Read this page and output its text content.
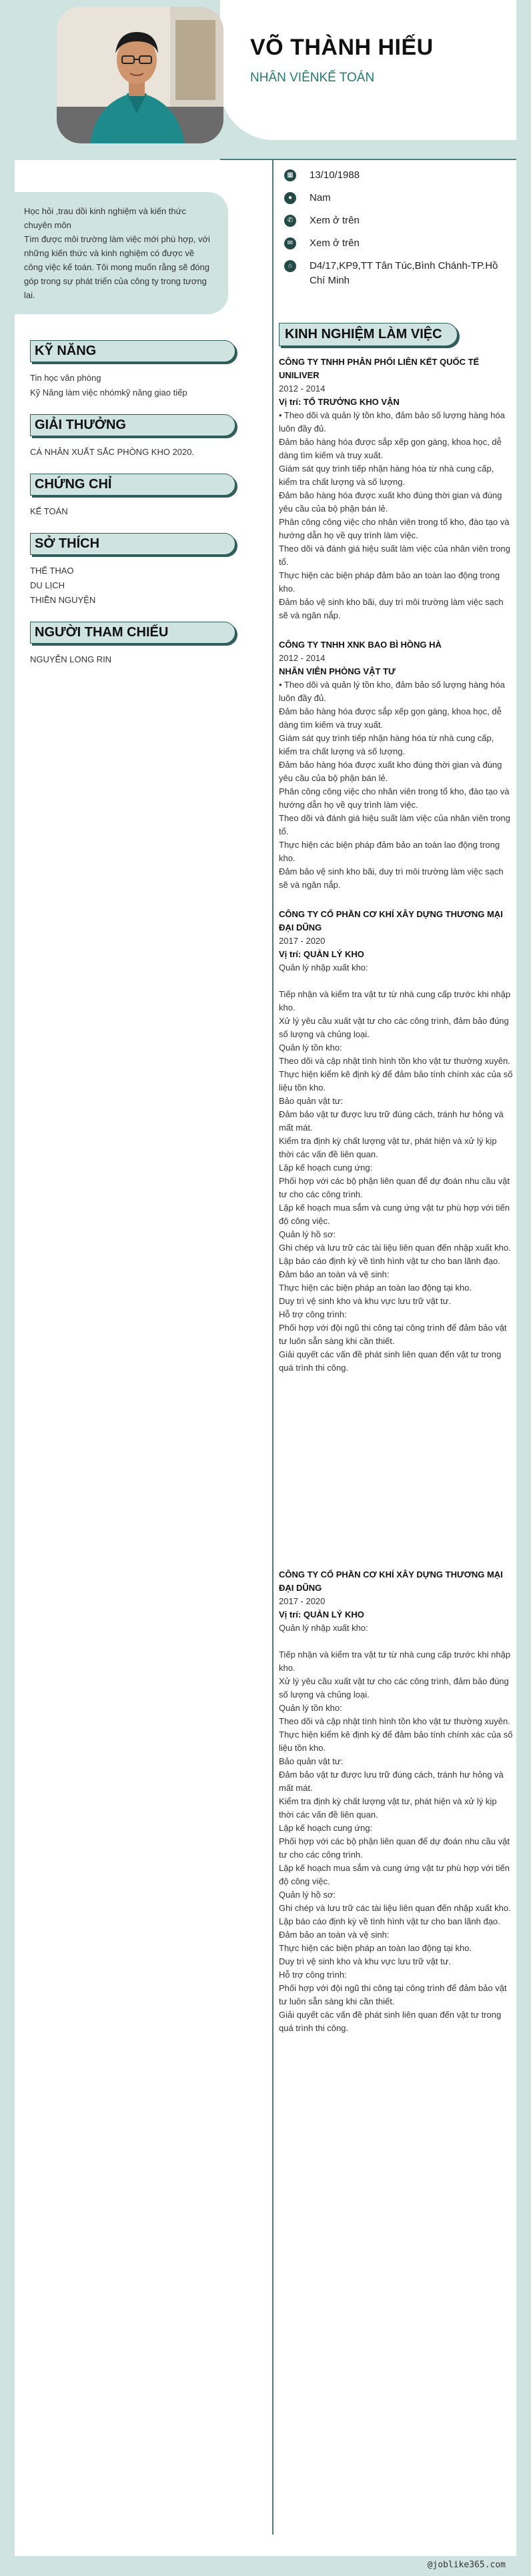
VÕ THÀNH HIẾU
NHÂN VIÊNKẾ TOÁN
Học hỏi ,trau dồi kinh nghiệm và kiến thức chuyên môn
Tìm được môi trường làm việc mới phù hợp, với những kiến thức và kinh nghiệm có được về công việc kế toán. Tôi mong muốn rằng sẽ đóng góp trong sự phát triển của công ty trong tương lai.
KỸ NĂNG
Tin học văn phòng
Kỹ Năng làm việc nhómkỹ năng giao tiếp
GIẢI THƯỞNG
CÁ NHÂN XUẤT SẮC PHÒNG KHO 2020.
CHỨNG CHỈ
KẾ TOÁN
SỞ THÍCH
THỂ THAO
DU LỊCH
THIỀN NGUYỆN
NGƯỜI THAM CHIẾU
NGUYỄN LONG RIN
▦ 13/10/1988
●	Nam
✆	Xem ở trên
✉	Xem ở trên
⌂	D4/17,KP9,TT Tân Túc,Bình Chánh-TP.Hồ Chí Minh
KINH NGHIỆM LÀM VIỆC
CÔNG TY TNHH PHÂN PHỐI LIÊN KẾT QUỐC TẾ UNILIVER
2012 - 2014
Vị trí: TỔ TRƯỞNG KHO VẬN
• Theo dõi và quản lý tồn kho, đảm bảo số lượng hàng hóa luôn đầy đủ.
Đảm bảo hàng hóa được sắp xếp gọn gàng, khoa học, dễ dàng tìm kiếm và truy xuất.
Giám sát quy trình tiếp nhận hàng hóa từ nhà cung cấp, kiểm tra chất lượng và số lượng.
Đảm bảo hàng hóa được xuất kho đúng thời gian và đúng yêu cầu của bộ phận bán lẻ.
Phân công công việc cho nhân viên trong tổ kho, đào tạo và hướng dẫn họ về quy trình làm việc.
Theo dõi và đánh giá hiệu suất làm việc của nhân viên trong tổ.
Thực hiện các biện pháp đảm bảo an toàn lao động trong kho.
Đảm bảo vệ sinh kho bãi, duy trì môi trường làm việc sạch sẽ và ngăn nắp.
CÔNG TY TNHH XNK BAO BÌ HỒNG HÀ
2012 - 2014
NHÂN VIÊN PHÒNG VẬT TƯ
• Theo dõi và quản lý tồn kho, đảm bảo số lượng hàng hóa luôn đầy đủ.
Đảm bảo hàng hóa được sắp xếp gọn gàng, khoa học, dễ dàng tìm kiếm và truy xuất.
Giám sát quy trình tiếp nhận hàng hóa từ nhà cung cấp, kiểm tra chất lượng và số lượng.
Đảm bảo hàng hóa được xuất kho đúng thời gian và đúng yêu cầu của bộ phận bán lẻ.
Phân công công việc cho nhân viên trong tổ kho, đào tạo và hướng dẫn họ về quy trình làm việc.
Theo dõi và đánh giá hiệu suất làm việc của nhân viên trong tổ.
Thực hiện các biện pháp đảm bảo an toàn lao động trong kho.
Đảm bảo vệ sinh kho bãi, duy trì môi trường làm việc sạch sẽ và ngăn nắp.
CÔNG TY CỔ PHẦN CƠ KHÍ XÂY DỰNG THƯƠNG MẠI ĐẠI DŨNG
2017 - 2020
Vị trí: QUẢN LÝ KHO
Quản lý nhập xuất kho:
Tiếp nhận và kiểm tra vật tư từ nhà cung cấp trước khi nhập kho.
Xử lý yêu cầu xuất vật tư cho các công trình, đảm bảo đúng số lượng và chủng loại.
Quản lý tồn kho:
Theo dõi và cập nhật tình hình tồn kho vật tư thường xuyên.
Thực hiện kiểm kê định kỳ để đảm bảo tính chính xác của số liệu tồn kho.
Bảo quản vật tư:
Đảm bảo vật tư được lưu trữ đúng cách, tránh hư hỏng và mất mát.
Kiểm tra định kỳ chất lượng vật tư, phát hiện và xử lý kịp thời các vấn đề liên quan.
Lập kế hoạch cung ứng:
Phối hợp với các bộ phận liên quan để dự đoán nhu cầu vật tư cho các công trình.
Lập kế hoạch mua sắm và cung ứng vật tư phù hợp với tiến độ công việc.
Quản lý hồ sơ:
Ghi chép và lưu trữ các tài liệu liên quan đến nhập xuất kho.
Lập báo cáo định kỳ về tình hình vật tư cho ban lãnh đạo.
Đảm bảo an toàn và vệ sinh:
Thực hiện các biện pháp an toàn lao động tại kho.
Duy trì vệ sinh kho và khu vực lưu trữ vật tư.
Hỗ trợ công trình:
Phối hợp với đội ngũ thi công tại công trình để đảm bảo vật tư luôn sẵn sàng khi cần thiết.
Giải quyết các vấn đề phát sinh liên quan đến vật tư trong quá trình thi công.
CÔNG TY CỔ PHẦN CƠ KHÍ XÂY DỰNG THƯƠNG MẠI ĐẠI DŨNG
2017 - 2020
Vị trí: QUẢN LÝ KHO
Quản lý nhập xuất kho:
Tiếp nhận và kiểm tra vật tư từ nhà cung cấp trước khi nhập kho.
Xử lý yêu cầu xuất vật tư cho các công trình, đảm bảo đúng số lượng và chủng loại.
Quản lý tồn kho:
Theo dõi và cập nhật tình hình tồn kho vật tư thường xuyên.
Thực hiện kiểm kê định kỳ để đảm bảo tính chính xác của số liệu tồn kho.
Bảo quản vật tư:
Đảm bảo vật tư được lưu trữ đúng cách, tránh hư hỏng và mất mát.
Kiểm tra định kỳ chất lượng vật tư, phát hiện và xử lý kịp thời các vấn đề liên quan.
Lập kế hoạch cung ứng:
Phối hợp với các bộ phận liên quan để dự đoán nhu cầu vật tư cho các công trình.
Lập kế hoạch mua sắm và cung ứng vật tư phù hợp với tiến độ công việc.
Quản lý hồ sơ:
Ghi chép và lưu trữ các tài liệu liên quan đến nhập xuất kho.
Lập báo cáo định kỳ về tình hình vật tư cho ban lãnh đạo.
Đảm bảo an toàn và vệ sinh:
Thực hiện các biện pháp an toàn lao động tại kho.
Duy trì vệ sinh kho và khu vực lưu trữ vật tư.
Hỗ trợ công trình:
Phối hợp với đội ngũ thi công tại công trình để đảm bảo vật tư luôn sẵn sàng khi cần thiết.
Giải quyết các vấn đề phát sinh liên quan đến vật tư trong quá trình thi công.
@joblike365.com
